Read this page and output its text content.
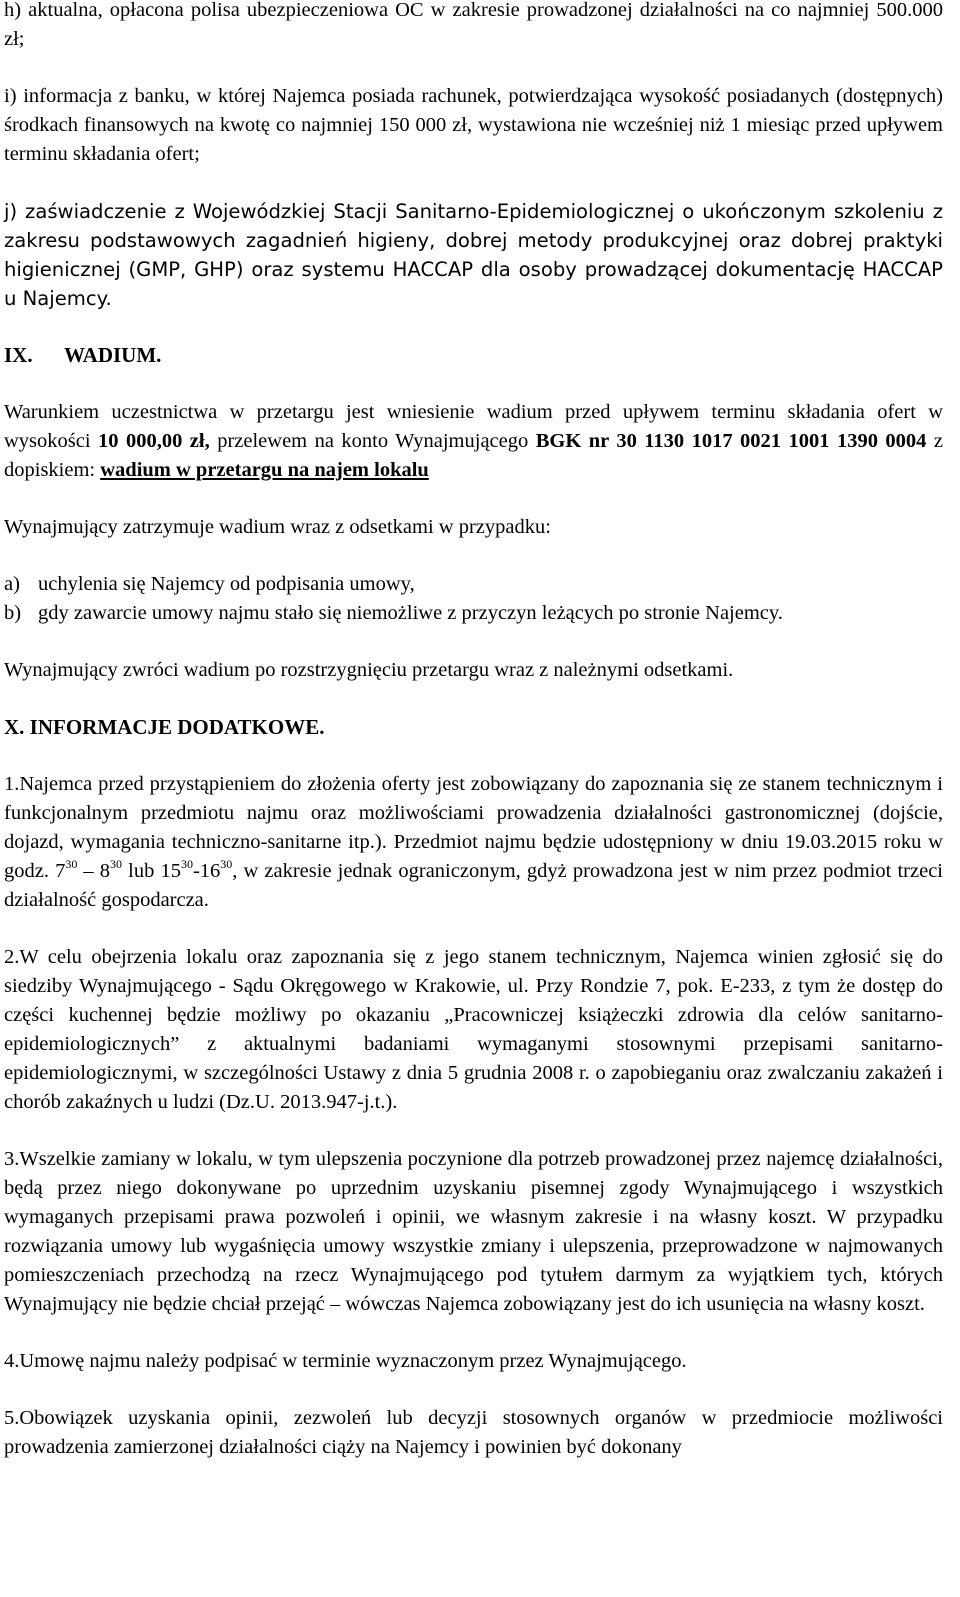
h) aktualna, opłacona polisa ubezpieczeniowa OC w zakresie prowadzonej działalności na co najmniej 500.000 zł;

i) informacja z banku, w której Najemca posiada rachunek, potwierdzająca wysokość posiadanych (dostępnych) środkach finansowych na kwotę co najmniej 150 000 zł, wystawiona nie wcześniej niż 1 miesiąc przed upływem terminu składania ofert;

j) zaświadczenie z Wojewódzkiej Stacji Sanitarno-Epidemiologicznej o ukończonym szkoleniu z zakresu podstawowych zagadnień higieny, dobrej metody produkcyjnej oraz dobrej praktyki higienicznej (GMP, GHP) oraz systemu HACCAP dla osoby prowadzącej dokumentację HACCAP u Najemcy.

IX. WADIUM.

Warunkiem uczestnictwa w przetargu jest wniesienie wadium przed upływem terminu składania ofert w wysokości 10 000,00 zł, przelewem na konto Wynajmującego BGK nr 30 1130 1017 0021 1001 1390 0004 z dopiskiem: wadium w przetargu na najem lokalu

Wynajmujący zatrzymuje wadium wraz z odsetkami w przypadku:

a) uchylenia się Najemcy od podpisania umowy,

b) gdy zawarcie umowy najmu stało się niemożliwe z przyczyn leżących po stronie Najemcy.

Wynajmujący zwróci wadium po rozstrzygnięciu przetargu wraz z należnymi odsetkami.

X. INFORMACJE DODATKOWE.

1.Najemca przed przystąpieniem do złożenia oferty jest zobowiązany do zapoznania się ze stanem technicznym i funkcjonalnym przedmiotu najmu oraz możliwościami prowadzenia działalności gastronomicznej (dojście, dojazd, wymagania techniczno-sanitarne itp.). Przedmiot najmu będzie udostępniony w dniu 19.03.2015 roku w godz. $7^{30} - 8^{30}$ lub $15^{30}-16^{30}$, w zakresie jednak ograniczonym, gdyż prowadzona jest w nim przez podmiot trzeci działalność gospodarcza.

2.W celu obejrzenia lokalu oraz zapoznania się z jego stanem technicznym, Najemca winien zgłosić się do siedziby Wynajmującego - Sądu Okręgowego w Krakowie, ul. Przy Rondzie 7, pok. E-233, z tym że dostęp do części kuchennej będzie możliwy po okazaniu „Pracowniczej książeczki zdrowia dla celów sanitarno-epidemiologicznych” z aktualnymi badaniami wymaganymi stosownymi przepisami sanitarno-epidemiologicznymi, w szczególności Ustawy z dnia 5 grudnia 2008 r. o zapobieganiu oraz zwalczaniu zakażeń i chorób zakaźnych u ludzi (Dz.U. 2013.947-j.t.).

3.Wszelkie zamiany w lokalu, w tym ulepszenia poczynione dla potrzeb prowadzonej przez najemcę działalności, będą przez niego dokonywane po uprzednim uzyskaniu pisemnej zgody Wynajmującego i wszystkich wymaganych przepisami prawa pozwoleń i opinii, we własnym zakresie i na własny koszt. W przypadku rozwiązania umowy lub wygaśnięcia umowy wszystkie zmiany i ulepszenia, przeprowadzone w najmowanych pomieszczeniach przechodzą na rzecz Wynajmującego pod tytułem darmym za wyjątkiem tych, których Wynajmujący nie będzie chciał przejąć – wówczas Najemca zobowiązany jest do ich usunięcia na własny koszt.

4.Umowę najmu należy podpisać w terminie wyznaczonym przez Wynajmującego.

5.Obowiązek uzyskania opinii, zezwoleń lub decyzji stosownych organów w przedmiocie możliwości prowadzenia zamierzonej działalności ciąży na Najemcy i powinien być dokonany
